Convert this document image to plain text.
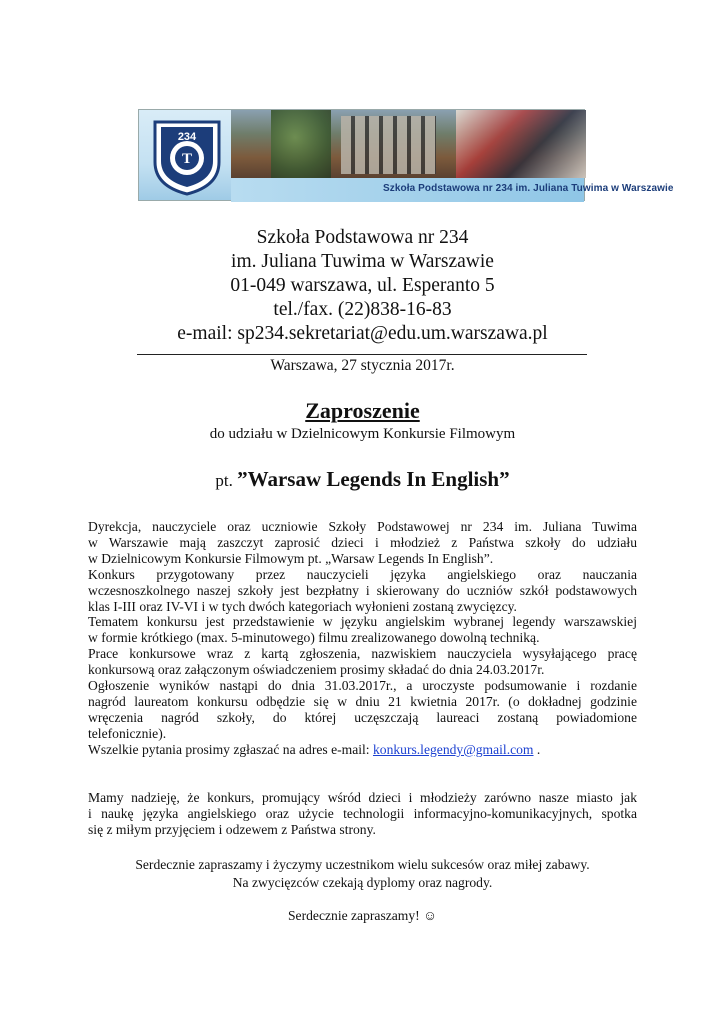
T
234
Szkoła Podstawowa nr 234 im. Juliana Tuwima w Warszawie
Szkoła Podstawowa nr 234
im. Juliana Tuwima w Warszawie
01-049 warszawa, ul. Esperanto 5
tel./fax. (22)838-16-83
e-mail: sp234.sekretariat@edu.um.warszawa.pl
Warszawa, 27 stycznia 2017r.
Zaproszenie
do udziału w Dzielnicowym Konkursie Filmowym
pt. ”Warsaw Legends In English”
Dyrekcja, nauczyciele oraz uczniowie Szkoły Podstawowej nr 234 im. Juliana Tuwima
w Warszawie mają zaszczyt zaprosić dzieci i młodzież z Państwa szkoły do udziału
w Dzielnicowym Konkursie Filmowym pt. „Warsaw Legends In English”.
Konkurs przygotowany przez nauczycieli języka angielskiego oraz nauczania
wczesnoszkolnego naszej szkoły jest bezpłatny i skierowany do uczniów szkół podstawowych
klas I-III oraz IV-VI i w tych dwóch kategoriach wyłonieni zostaną zwycięzcy.
Tematem konkursu jest przedstawienie w języku angielskim wybranej legendy warszawskiej
w formie krótkiego (max. 5-minutowego) filmu zrealizowanego dowolną techniką.
Prace konkursowe wraz z kartą zgłoszenia, nazwiskiem nauczyciela wysyłającego pracę
konkursową oraz załączonym oświadczeniem prosimy składać do dnia 24.03.2017r.
Ogłoszenie wyników nastąpi do dnia 31.03.2017r., a uroczyste podsumowanie i rozdanie
nagród laureatom konkursu odbędzie się w dniu 21 kwietnia 2017r. (o dokładnej godzinie
wręczenia nagród szkoły, do której uczęszczają laureaci zostaną powiadomione
telefonicznie).
Wszelkie pytania prosimy zgłaszać na adres e-mail: konkurs.legendy@gmail.com .
Mamy nadzieję, że konkurs, promujący wśród dzieci i młodzieży zarówno nasze miasto jak
i naukę języka angielskiego oraz użycie technologii informacyjno-komunikacyjnych, spotka
się z miłym przyjęciem i odzewem z Państwa strony.
Serdecznie zapraszamy i życzymy uczestnikom wielu sukcesów oraz miłej zabawy.
Na zwycięzców czekają dyplomy oraz nagrody.
Serdecznie zapraszamy! ☺
